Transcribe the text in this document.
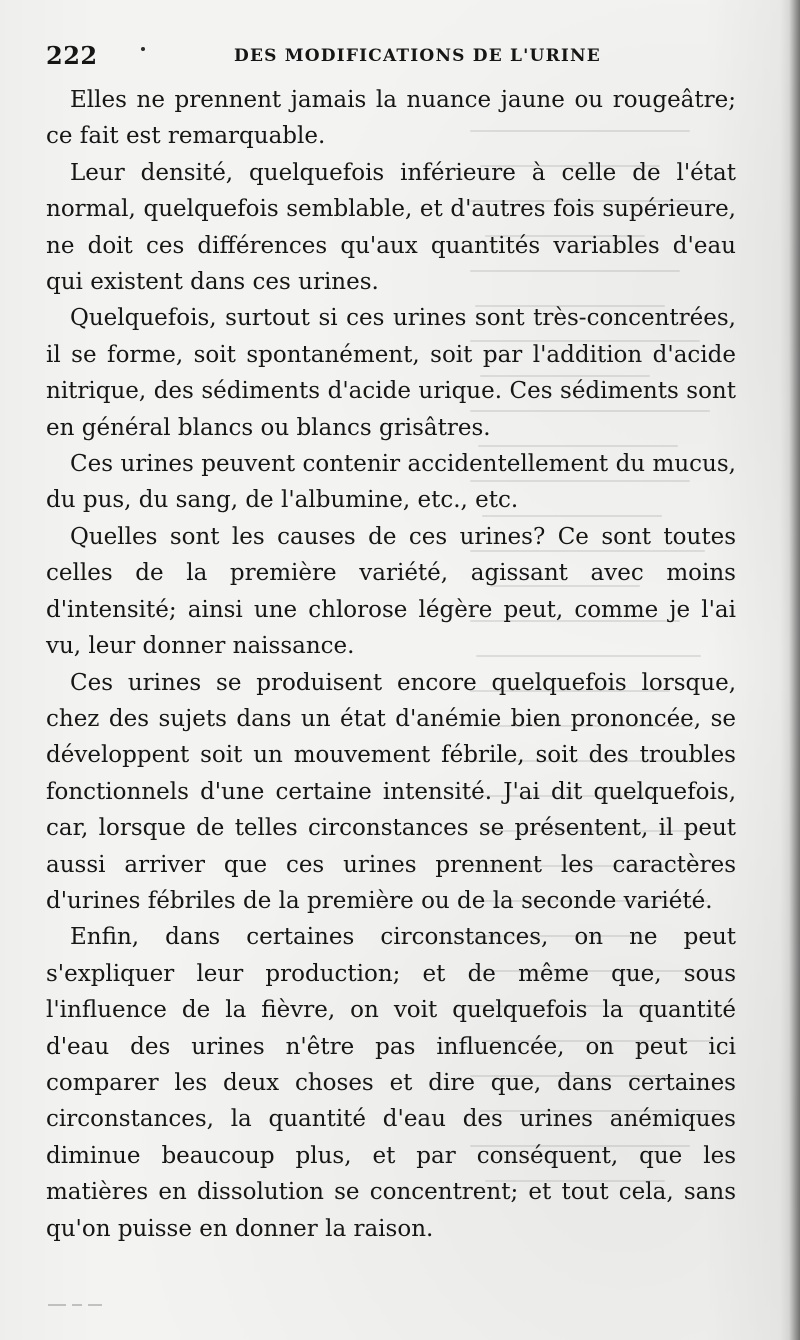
222	DES MODIFICATIONS DE L'URINE

Elles ne prennent jamais la nuance jaune ou rougeâtre; ce fait est remarquable.

Leur densité, quelquefois inférieure à celle de l'état normal, quelquefois semblable, et d'autres fois supérieure, ne doit ces différences qu'aux quantités variables d'eau qui existent dans ces urines.

Quelquefois, surtout si ces urines sont très-concentrées, il se forme, soit spontanément, soit par l'addition d'acide nitrique, des sédiments d'acide urique. Ces sédiments sont en général blancs ou blancs grisâtres.

Ces urines peuvent contenir accidentellement du mucus, du pus, du sang, de l'albumine, etc., etc.

Quelles sont les causes de ces urines? Ce sont toutes celles de la première variété, agissant avec moins d'intensité; ainsi une chlorose légère peut, comme je l'ai vu, leur donner naissance.

Ces urines se produisent encore quelquefois lorsque, chez des sujets dans un état d'anémie bien prononcée, se développent soit un mouvement fébrile, soit des troubles fonctionnels d'une certaine intensité. J'ai dit quelquefois, car, lorsque de telles circonstances se présentent, il peut aussi arriver que ces urines prennent les caractères d'urines fébriles de la première ou de la seconde variété.

Enfin, dans certaines circonstances, on ne peut s'expliquer leur production; et de même que, sous l'influence de la fièvre, on voit quelquefois la quantité d'eau des urines n'être pas influencée, on peut ici comparer les deux choses et dire que, dans certaines circonstances, la quantité d'eau des urines anémiques diminue beaucoup plus, et par conséquent, que les matières en dissolution se concentrent; et tout cela, sans qu'on puisse en donner la raison.
